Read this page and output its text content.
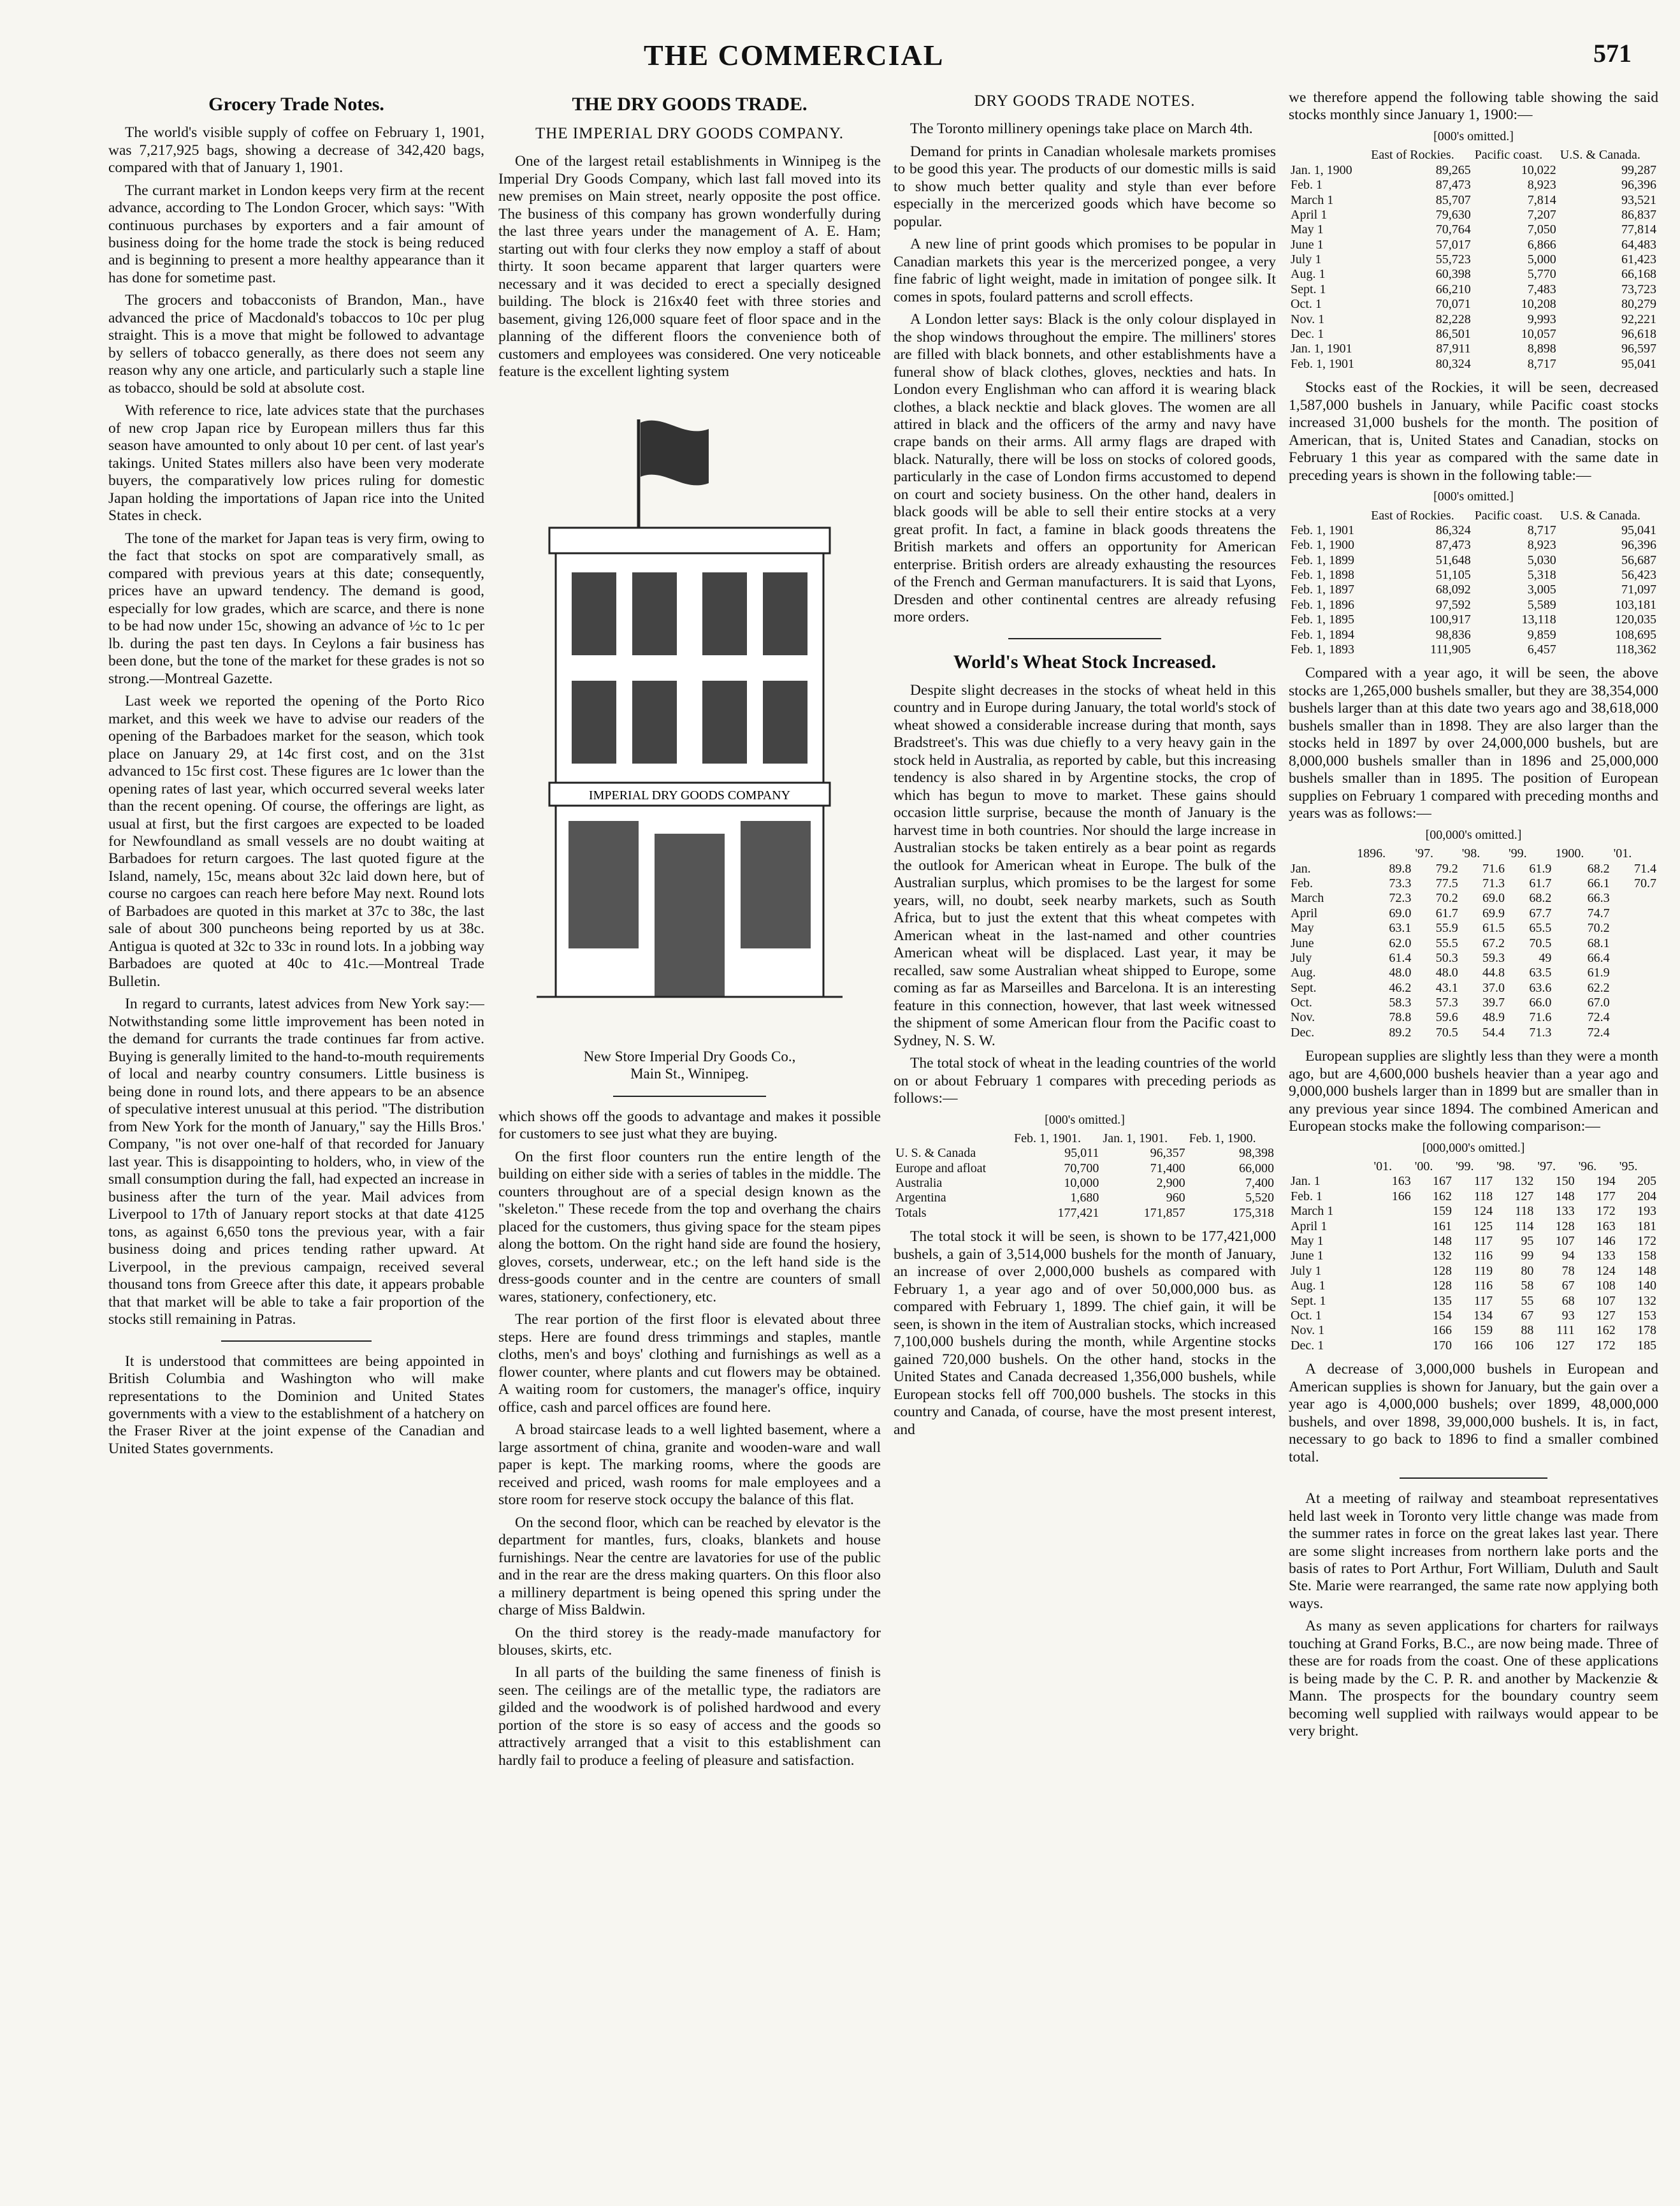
THE COMMERCIAL	571
Grocery Trade Notes.

The world's visible supply of coffee on February 1, 1901, was 7,217,925 bags, showing a decrease of 342,420 bags, compared with that of January 1, 1901.

The currant market in London keeps very firm at the recent advance, according to The London Grocer, which says: "With continuous purchases by exporters and a fair amount of business doing for the home trade the stock is being reduced and is beginning to present a more healthy appearance than it has done for sometime past.

The grocers and tobacconists of Brandon, Man., have advanced the price of Macdonald's tobaccos to 10c per plug straight. This is a move that might be followed to advantage by sellers of tobacco generally, as there does not seem any reason why any one article, and particularly such a staple line as tobacco, should be sold at absolute cost.

With reference to rice, late advices state that the purchases of new crop Japan rice by European millers thus far this season have amounted to only about 10 per cent. of last year's takings. United States millers also have been very moderate buyers, the comparatively low prices ruling for domestic Japan holding the importations of Japan rice into the United States in check.

The tone of the market for Japan teas is very firm, owing to the fact that stocks on spot are comparatively small, as compared with previous years at this date; consequently, prices have an upward tendency. The demand is good, especially for low grades, which are scarce, and there is none to be had now under 15c, showing an advance of ½c to 1c per lb. during the past ten days. In Ceylons a fair business has been done, but the tone of the market for these grades is not so strong.—Montreal Gazette.

Last week we reported the opening of the Porto Rico market, and this week we have to advise our readers of the opening of the Barbadoes market for the season, which took place on January 29, at 14c first cost, and on the 31st advanced to 15c first cost. These figures are 1c lower than the opening rates of last year, which occurred several weeks later than the recent opening. Of course, the offerings are light, as usual at first, but the first cargoes are expected to be loaded for Newfoundland as small vessels are no doubt waiting at Barbadoes for return cargoes. The last quoted figure at the Island, namely, 15c, means about 32c laid down here, but of course no cargoes can reach here before May next. Round lots of Barbadoes are quoted in this market at 37c to 38c, the last sale of about 300 puncheons being reported by us at 38c. Antigua is quoted at 32c to 33c in round lots. In a jobbing way Barbadoes are quoted at 40c to 41c.—Montreal Trade Bulletin.

In regard to currants, latest advices from New York say:—Notwithstanding some little improvement has been noted in the demand for currants the trade continues far from active. Buying is generally limited to the hand-to-mouth requirements of local and nearby country consumers. Little business is being done in round lots, and there appears to be an absence of speculative interest unusual at this period. "The distribution from New York for the month of January," say the Hills Bros.' Company, "is not over one-half of that recorded for January last year. This is disappointing to holders, who, in view of the small consumption during the fall, had expected an increase in business after the turn of the year. Mail advices from Liverpool to 17th of January report stocks at that date 4125 tons, as against 6,650 tons the previous year, with a fair business doing and prices tending rather upward. At Liverpool, in the previous campaign, received several thousand tons from Greece after this date, it appears probable that that market will be able to take a fair proportion of the stocks still remaining in Patras.

It is understood that committees are being appointed in British Columbia and Washington who will make representations to the Dominion and United States governments with a view to the establishment of a hatchery on the Fraser River at the joint expense of the Canadian and United States governments.

THE DRY GOODS TRADE.
THE IMPERIAL DRY GOODS COMPANY.

One of the largest retail establishments in Winnipeg is the Imperial Dry Goods Company, which last fall moved into its new premises on Main street, nearly opposite the post office. The business of this company has grown wonderfully during the last three years under the management of A. E. Ham; starting out with four clerks they now employ a staff of about thirty. It soon became apparent that larger quarters were necessary and it was decided to erect a specially designed building. The block is 216x40 feet with three stories and basement, giving 126,000 square feet of floor space and in the planning of the different floors the convenience both of customers and employees was considered. One very noticeable feature is the excellent lighting system

IMPERIAL DRY GOODS COMPANY
New Store Imperial Dry Goods Co.,
Main St., Winnipeg.

which shows off the goods to advantage and makes it possible for customers to see just what they are buying.

On the first floor counters run the entire length of the building on either side with a series of tables in the middle. The counters throughout are of a special design known as the "skeleton." These recede from the top and overhang the chairs placed for the customers, thus giving space for the steam pipes along the bottom. On the right hand side are found the hosiery, gloves, corsets, underwear, etc.; on the left hand side is the dress-goods counter and in the centre are counters of small wares, stationery, confectionery, etc.

The rear portion of the first floor is elevated about three steps. Here are found dress trimmings and staples, mantle cloths, men's and boys' clothing and furnishings as well as a flower counter, where plants and cut flowers may be obtained. A waiting room for customers, the manager's office, inquiry office, cash and parcel offices are found here.

A broad staircase leads to a well lighted basement, where a large assortment of china, granite and wooden-ware and wall paper is kept. The marking rooms, where the goods are received and priced, wash rooms for male employees and a store room for reserve stock occupy the balance of this flat.

On the second floor, which can be reached by elevator is the department for mantles, furs, cloaks, blankets and house furnishings. Near the centre are lavatories for use of the public and in the rear are the dress making quarters. On this floor also a millinery department is being opened this spring under the charge of Miss Baldwin.

On the third storey is the ready-made manufactory for blouses, skirts, etc.

In all parts of the building the same fineness of finish is seen. The ceilings are of the metallic type, the radiators are gilded and the woodwork is of polished hardwood and every portion of the store is so easy of access and the goods so attractively arranged that a visit to this establishment can hardly fail to produce a feeling of pleasure and satisfaction.

DRY GOODS TRADE NOTES.

The Toronto millinery openings take place on March 4th.

Demand for prints in Canadian wholesale markets promises to be good this year. The products of our domestic mills is said to show much better quality and style than ever before especially in the mercerized goods which have become so popular.

A new line of print goods which promises to be popular in Canadian markets this year is the mercerized pongee, a very fine fabric of light weight, made in imitation of pongee silk. It comes in spots, foulard patterns and scroll effects.

A London letter says: Black is the only colour displayed in the shop windows throughout the empire. The milliners' stores are filled with black bonnets, and other establishments have a funeral show of black clothes, gloves, neckties and hats. In London every Englishman who can afford it is wearing black clothes, a black necktie and black gloves. The women are all attired in black and the officers of the army and navy have crape bands on their arms. All army flags are draped with black. Naturally, there will be loss on stocks of colored goods, particularly in the case of London firms accustomed to depend on court and society business. On the other hand, dealers in black goods will be able to sell their entire stocks at a very great profit. In fact, a famine in black goods threatens the British markets and offers an opportunity for American enterprise. British orders are already exhausting the resources of the French and German manufacturers. It is said that Lyons, Dresden and other continental centres are already refusing more orders.

World's Wheat Stock Increased.

Despite slight decreases in the stocks of wheat held in this country and in Europe during January, the total world's stock of wheat showed a considerable increase during that month, says Bradstreet's. This was due chiefly to a very heavy gain in the stock held in Australia, as reported by cable, but this increasing tendency is also shared in by Argentine stocks, the crop of which has begun to move to market. These gains should occasion little surprise, because the month of January is the harvest time in both countries. Nor should the large increase in Australian stocks be taken entirely as a bear point as regards the outlook for American wheat in Europe. The bulk of the Australian surplus, which promises to be the largest for some years, will, no doubt, seek nearby markets, such as South Africa, but to just the extent that this wheat competes with American wheat in the last-named and other countries American wheat will be displaced. Last year, it may be recalled, saw some Australian wheat shipped to Europe, some coming as far as Marseilles and Barcelona. It is an interesting feature in this connection, however, that last week witnessed the shipment of some American flour from the Pacific coast to Sydney, N. S. W.

The total stock of wheat in the leading countries of the world on or about February 1 compares with preceding periods as follows:—

[000's omitted.]
	Feb. 1, 1901.	Jan. 1, 1901.	Feb. 1, 1900.
U. S. & Canada	95,011	96,357	98,398
Europe and afloat	70,700	71,400	66,000
Australia	10,000	2,900	7,400
Argentina	1,680	960	5,520
Totals	177,421	171,857	175,318

The total stock it will be seen, is shown to be 177,421,000 bushels, a gain of 3,514,000 bushels for the month of January, an increase of over 2,000,000 bushels as compared with February 1, a year ago and of over 50,000,000 bus. as compared with February 1, 1899. The chief gain, it will be seen, is shown in the item of Australian stocks, which increased 7,100,000 bushels during the month, while Argentine stocks gained 720,000 bushels. On the other hand, stocks in the United States and Canada decreased 1,356,000 bushels, while European stocks fell off 700,000 bushels. The stocks in this country and Canada, of course, have the most present interest, and

we therefore append the following table showing the said stocks monthly since January 1, 1900:—

[000's omitted.]
	East of Rockies.	Pacific coast.	U.S. & Canada.
Jan. 1, 1900	89,265	10,022	99,287
Feb. 1	87,473	8,923	96,396
March 1	85,707	7,814	93,521
April 1	79,630	7,207	86,837
May 1	70,764	7,050	77,814
June 1	57,017	6,866	64,483
July 1	55,723	5,000	61,423
Aug. 1	60,398	5,770	66,168
Sept. 1	66,210	7,483	73,723
Oct. 1	70,071	10,208	80,279
Nov. 1	82,228	9,993	92,221
Dec. 1	86,501	10,057	96,618
Jan. 1, 1901	87,911	8,898	96,597
Feb. 1, 1901	80,324	8,717	95,041

Stocks east of the Rockies, it will be seen, decreased 1,587,000 bushels in January, while Pacific coast stocks increased 31,000 bushels for the month. The position of American, that is, United States and Canadian, stocks on February 1 this year as compared with the same date in preceding years is shown in the following table:—

[000's omitted.]
	East of Rockies.	Pacific coast.	U.S. & Canada.
Feb. 1, 1901	86,324	8,717	95,041
Feb. 1, 1900	87,473	8,923	96,396
Feb. 1, 1899	51,648	5,030	56,687
Feb. 1, 1898	51,105	5,318	56,423
Feb. 1, 1897	68,092	3,005	71,097
Feb. 1, 1896	97,592	5,589	103,181
Feb. 1, 1895	100,917	13,118	120,035
Feb. 1, 1894	98,836	9,859	108,695
Feb. 1, 1893	111,905	6,457	118,362

Compared with a year ago, it will be seen, the above stocks are 1,265,000 bushels smaller, but they are 38,354,000 bushels larger than at this date two years ago and 38,618,000 bushels smaller than in 1898. They are also larger than the stocks held in 1897 by over 24,000,000 bushels, but are 8,000,000 bushels smaller than in 1896 and 25,000,000 bushels smaller than in 1895. The position of European supplies on February 1 compared with preceding months and years was as follows:—

[00,000's omitted.]
	1896.	'97.	'98.	'99.	1900.	'01.
Jan.	89.8	79.2	71.6	61.9	68.2	71.4
Feb.	73.3	77.5	71.3	61.7	66.1	70.7
March	72.3	70.2	69.0	68.2	66.3	
April	69.0	61.7	69.9	67.7	74.7	
May	63.1	55.9	61.5	65.5	70.2	
June	62.0	55.5	67.2	70.5	68.1	
July	61.4	50.3	59.3	49	66.4	
Aug.	48.0	48.0	44.8	63.5	61.9	
Sept.	46.2	43.1	37.0	63.6	62.2	
Oct.	58.3	57.3	39.7	66.0	67.0	
Nov.	78.8	59.6	48.9	71.6	72.4	
Dec.	89.2	70.5	54.4	71.3	72.4	

European supplies are slightly less than they were a month ago, but are 4,600,000 bushels heavier than a year ago and 9,000,000 bushels larger than in 1899 but are smaller than in any previous year since 1894. The combined American and European stocks make the following comparison:—

[000,000's omitted.]
	'01.	'00.	'99.	'98.	'97.	'96.	'95.
Jan. 1	163	167	117	132	150	194	205
Feb. 1	166	162	118	127	148	177	204
March 1		159	124	118	133	172	193
April 1		161	125	114	128	163	181
May 1		148	117	95	107	146	172
June 1		132	116	99	94	133	158
July 1		128	119	80	78	124	148
Aug. 1		128	116	58	67	108	140
Sept. 1		135	117	55	68	107	132
Oct. 1		154	134	67	93	127	153
Nov. 1		166	159	88	111	162	178
Dec. 1		170	166	106	127	172	185

A decrease of 3,000,000 bushels in European and American supplies is shown for January, but the gain over a year ago is 4,000,000 bushels; over 1899, 48,000,000 bushels, and over 1898, 39,000,000 bushels. It is, in fact, necessary to go back to 1896 to find a smaller combined total.

At a meeting of railway and steamboat representatives held last week in Toronto very little change was made from the summer rates in force on the great lakes last year. There are some slight increases from northern lake ports and the basis of rates to Port Arthur, Fort William, Duluth and Sault Ste. Marie were rearranged, the same rate now applying both ways.

As many as seven applications for charters for railways touching at Grand Forks, B.C., are now being made. Three of these are for roads from the coast. One of these applications is being made by the C. P. R. and another by Mackenzie & Mann. The prospects for the boundary country seem becoming well supplied with railways would appear to be very bright.
